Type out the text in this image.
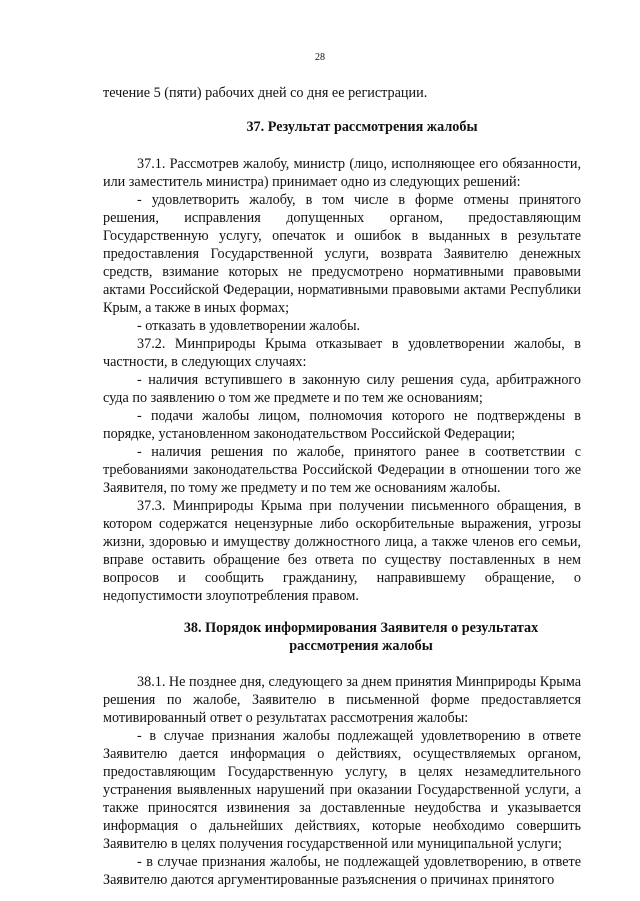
28

течение 5 (пяти) рабочих дней со дня ее регистрации.

37. Результат рассмотрения жалобы

37.1. Рассмотрев жалобу, министр (лицо, исполняющее его обязанности, или заместитель министра) принимает одно из следующих решений:

- удовлетворить жалобу, в том числе в форме отмены принятого решения, исправления допущенных органом, предоставляющим Государственную услугу, опечаток и ошибок в выданных в результате предоставления Государственной услуги, возврата Заявителю денежных средств, взимание которых не предусмотрено нормативными правовыми актами Российской Федерации, нормативными правовыми актами Республики Крым, а также в иных формах;

- отказать в удовлетворении жалобы.

37.2. Минприроды Крыма отказывает в удовлетворении жалобы, в частности, в следующих случаях:

- наличия вступившего в законную силу решения суда, арбитражного суда по заявлению о том же предмете и по тем же основаниям;

- подачи жалобы лицом, полномочия которого не подтверждены в порядке, установленном законодательством Российской Федерации;

- наличия решения по жалобе, принятого ранее в соответствии с требованиями законодательства Российской Федерации в отношении того же Заявителя, по тому же предмету и по тем же основаниям жалобы.

37.3. Минприроды Крыма при получении письменного обращения, в котором содержатся нецензурные либо оскорбительные выражения, угрозы жизни, здоровью и имуществу должностного лица, а также членов его семьи, вправе оставить обращение без ответа по существу поставленных в нем вопросов и сообщить гражданину, направившему обращение, о недопустимости злоупотребления правом.

38. Порядок информирования Заявителя о результатах
рассмотрения жалобы

38.1. Не позднее дня, следующего за днем принятия Минприроды Крыма решения по жалобе, Заявителю в письменной форме предоставляется мотивированный ответ о результатах рассмотрения жалобы:

- в случае признания жалобы подлежащей удовлетворению в ответе Заявителю дается информация о действиях, осуществляемых органом, предоставляющим Государственную услугу, в целях незамедлительного устранения выявленных нарушений при оказании Государственной услуги, а также приносятся извинения за доставленные неудобства и указывается информация о дальнейших действиях, которые необходимо совершить Заявителю в целях получения государственной или муниципальной услуги;

- в случае признания жалобы, не подлежащей удовлетворению, в ответе Заявителю даются аргументированные разъяснения о причинах принятого
